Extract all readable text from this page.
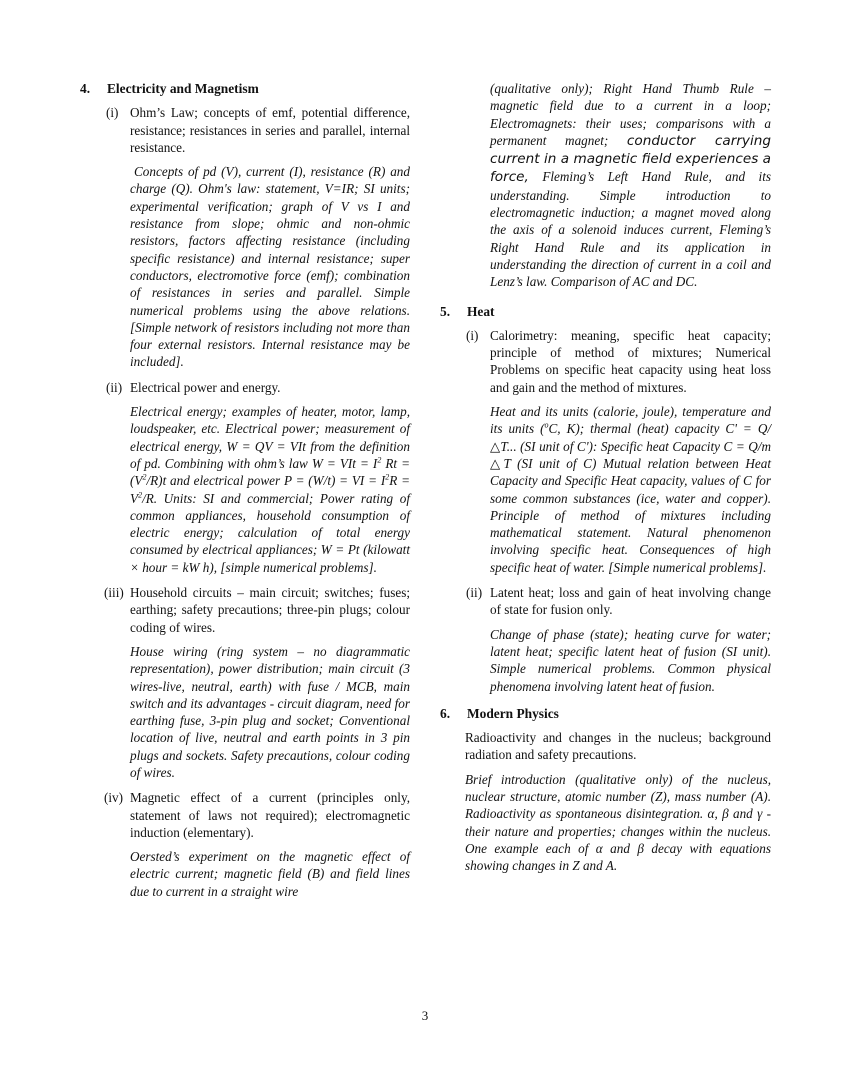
4. Electricity and Magnetism
(i) Ohm’s Law; concepts of emf, potential difference, resistance; resistances in series and parallel, internal resistance.
Concepts of pd (V), current (I), resistance (R) and charge (Q). Ohm's law: statement, V=IR; SI units; experimental verification; graph of V vs I and resistance from slope; ohmic and non-ohmic resistors, factors affecting resistance (including specific resistance) and internal resistance; super conductors, electromotive force (emf); combination of resistances in series and parallel. Simple numerical problems using the above relations. [Simple network of resistors including not more than four external resistors. Internal resistance may be included].
(ii) Electrical power and energy.
Electrical energy; examples of heater, motor, lamp, loudspeaker, etc. Electrical power; measurement of electrical energy, W = QV = VIt from the definition of pd. Combining with ohm’s law W = VIt = $I^2$ $Rt = (V^2/R)t$ and electrical power P = (W/t) = VI = $I^2R = V^2/R$. Units: SI and commercial; Power rating of common appliances, household consumption of electric energy; calculation of total energy consumed by electrical appliances; W = Pt (kilowatt × hour = kW h), [simple numerical problems].
(iii) Household circuits – main circuit; switches; fuses; earthing; safety precautions; three-pin plugs; colour coding of wires.
House wiring (ring system – no diagrammatic representation), power distribution; main circuit (3 wires-live, neutral, earth) with fuse / MCB, main switch and its advantages - circuit diagram, need for earthing fuse, 3-pin plug and socket; Conventional location of live, neutral and earth points in 3 pin plugs and sockets. Safety precautions, colour coding of wires.
(iv) Magnetic effect of a current (principles only, statement of laws not required); electromagnetic induction (elementary).
Oersted’s experiment on the magnetic effect of electric current; magnetic field (B) and field lines due to current in a straight wire
(qualitative only); Right Hand Thumb Rule – magnetic field due to a current in a loop; Electromagnets: their uses; comparisons with a permanent magnet; conductor carrying current in a magnetic field experiences a force, Fleming’s Left Hand Rule, and its understanding. Simple introduction to electromagnetic induction; a magnet moved along the axis of a solenoid induces current, Fleming’s Right Hand Rule and its application in understanding the direction of current in a coil and Lenz’s law. Comparison of AC and DC.
5. Heat
(i) Calorimetry: meaning, specific heat capacity; principle of method of mixtures; Numerical Problems on specific heat capacity using heat loss and gain and the method of mixtures.
Heat and its units (calorie, joule), temperature and its units ($^o$C, K); thermal (heat) capacity C' = Q/ △T... (SI unit of C'): Specific heat Capacity C = Q/m △T (SI unit of C) Mutual relation between Heat Capacity and Specific Heat capacity, values of C for some common substances (ice, water and copper). Principle of method of mixtures including mathematical statement. Natural phenomenon involving specific heat. Consequences of high specific heat of water. [Simple numerical problems].
(ii) Latent heat; loss and gain of heat involving change of state for fusion only.
Change of phase (state); heating curve for water; latent heat; specific latent heat of fusion (SI unit). Simple numerical problems. Common physical phenomena involving latent heat of fusion.
6. Modern Physics
Radioactivity and changes in the nucleus; background radiation and safety precautions.
Brief introduction (qualitative only) of the nucleus, nuclear structure, atomic number (Z), mass number (A). Radioactivity as spontaneous disintegration. α, β and γ - their nature and properties; changes within the nucleus. One example each of α and β decay with equations showing changes in Z and A.
3
